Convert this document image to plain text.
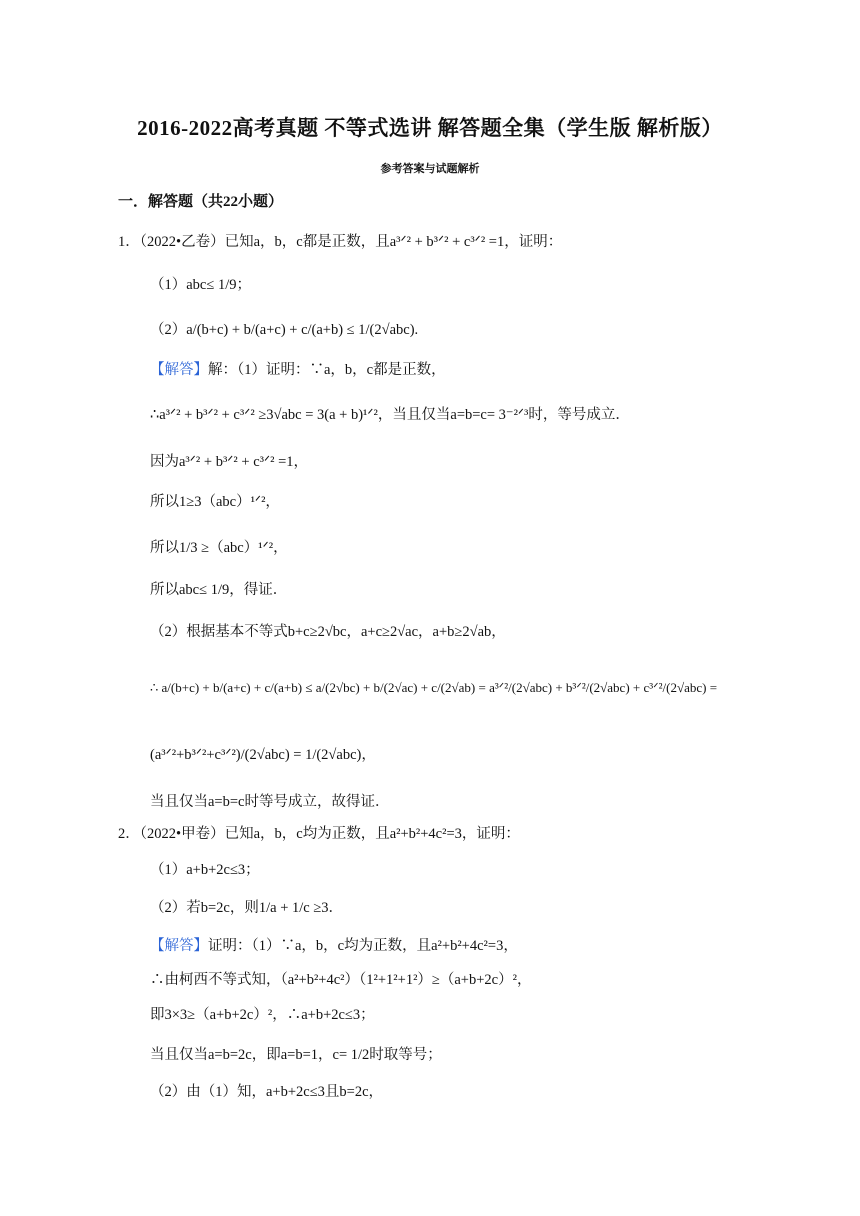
2016-2022高考真题 不等式选讲 解答题全集（学生版 解析版）
参考答案与试题解析
一．解答题（共22小题）
1．（2022•乙卷）已知a，b，c都是正数，且a³ᐟ² + b³ᐟ² + c³ᐟ² =1，证明：
（1）abc≤ 1/9；
（2）a/(b+c) + b/(a+c) + c/(a+b) ≤ 1/(2√abc).
【解答】解：（1）证明：∵a，b，c都是正数，
∴a³ᐟ² + b³ᐟ² + c³ᐟ² ≥3√abc = 3(a + b)¹ᐟ²，当且仅当a=b=c= 3⁻²ᐟ³时，等号成立．
因为a³ᐟ² + b³ᐟ² + c³ᐟ² =1，
所以1≥3（abc）¹ᐟ²，
所以1/3 ≥（abc）¹ᐟ²，
所以abc≤ 1/9，得证．
（2）根据基本不等式b+c≥2√bc，a+c≥2√ac，a+b≥2√ab，
∴ a/(b+c) + b/(a+c) + c/(a+b) ≤ a/(2√bc) + b/(2√ac) + c/(2√ab) = a³ᐟ²/(2√abc) + b³ᐟ²/(2√abc) + c³ᐟ²/(2√abc) =
(a³ᐟ²+b³ᐟ²+c³ᐟ²)/(2√abc) = 1/(2√abc)，
当且仅当a=b=c时等号成立，故得证．
2．（2022•甲卷）已知a，b，c均为正数，且a²+b²+4c²=3，证明：
（1）a+b+2c≤3；
（2）若b=2c，则1/a + 1/c ≥3．
【解答】证明：（1）∵a，b，c均为正数，且a²+b²+4c²=3，
∴由柯西不等式知，（a²+b²+4c²）（1²+1²+1²）≥（a+b+2c）²，
即3×3≥（a+b+2c）²，∴a+b+2c≤3；
当且仅当a=b=2c，即a=b=1，c= 1/2时取等号；
（2）由（1）知，a+b+2c≤3且b=2c，
